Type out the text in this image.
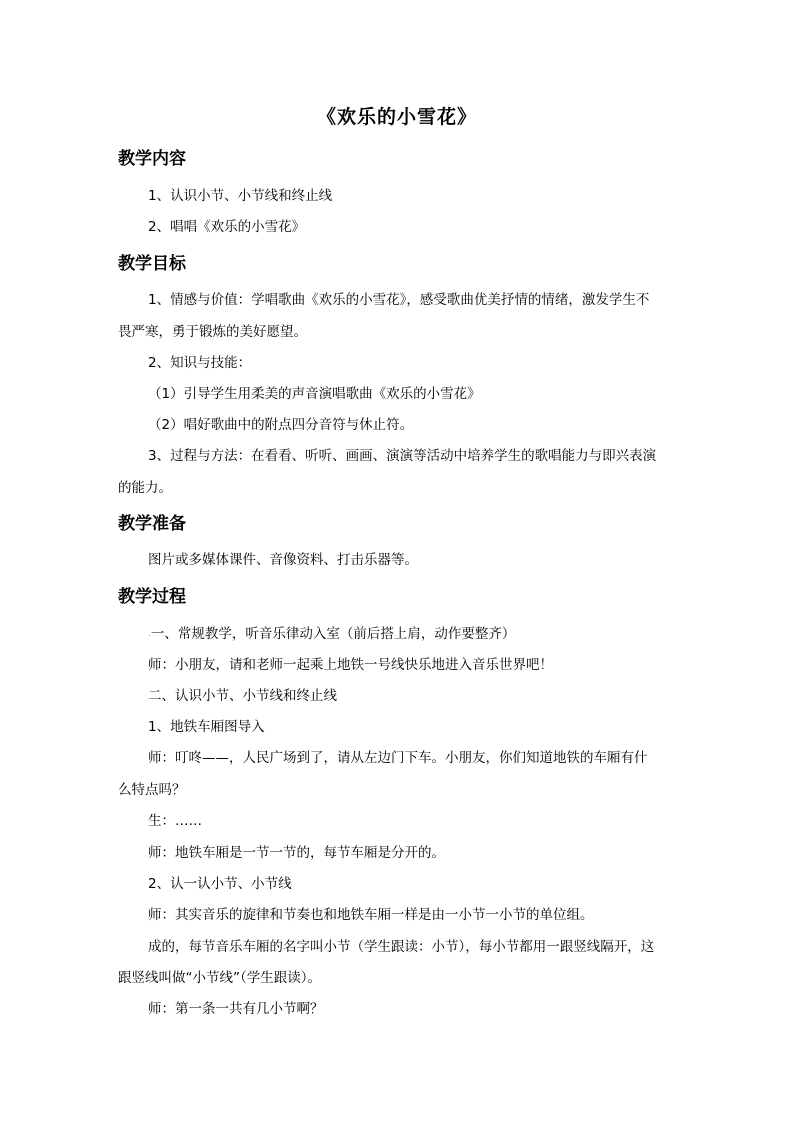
《欢乐的小雪花》
教学内容
1、认识小节、小节线和终止线
2、唱唱《欢乐的小雪花》
教学目标
1、情感与价值：学唱歌曲《欢乐的小雪花》，感受歌曲优美抒情的情绪，激发学生不
畏严寒，勇于锻炼的美好愿望。
2、知识与技能：
（1）引导学生用柔美的声音演唱歌曲《欢乐的小雪花》
（2）唱好歌曲中的附点四分音符与休止符。
3、过程与方法：在看看、听听、画画、演演等活动中培养学生的歌唱能力与即兴表演
的能力。
教学准备
图片或多媒体课件、音像资料、打击乐器等。
教学过程
.一、常规教学，听音乐律动入室（前后搭上肩，动作要整齐）
师：小朋友，请和老师一起乘上地铁一号线快乐地进入音乐世界吧！
二、认识小节、小节线和终止线
1、地铁车厢图导入
师：叮咚——，人民广场到了，请从左边门下车。小朋友，你们知道地铁的车厢有什
么特点吗？
生：……
师：地铁车厢是一节一节的，每节车厢是分开的。
2、认一认小节、小节线
师：其实音乐的旋律和节奏也和地铁车厢一样是由一小节一小节的单位组。
成的，每节音乐车厢的名字叫小节（学生跟读：小节），每小节都用一跟竖线隔开，这
跟竖线叫做“小节线”（学生跟读）。
师：第一条一共有几小节啊？
